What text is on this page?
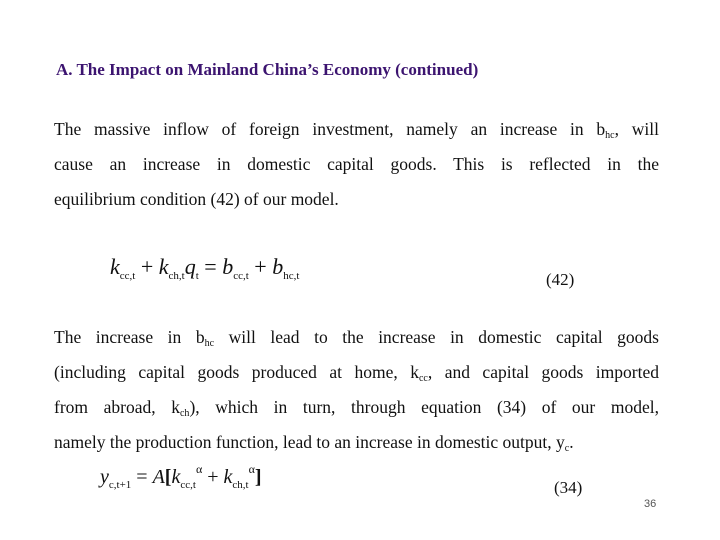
A. The Impact on Mainland China’s Economy (continued)
The massive inflow of foreign investment, namely an increase in $b_{hc}$, will
cause an increase in domestic capital goods. This is reflected in the
equilibrium condition (42) of our model.
$k_{cc,t} + k_{ch,t}q_t = b_{cc,t} + b_{hc,t}$	(42)
The increase in $b_{hc}$ will lead to the increase in domestic capital goods
(including capital goods produced at home, $k_{cc}$, and capital goods imported
from abroad, $k_{ch}$), which in turn, through equation (34) of our model,
namely the production function, lead to an increase in domestic output, $y_c$.
$y_{c,t+1} = A[k_{cc,t}^\alpha + k_{ch,t}^\alpha]$	(34)
36
